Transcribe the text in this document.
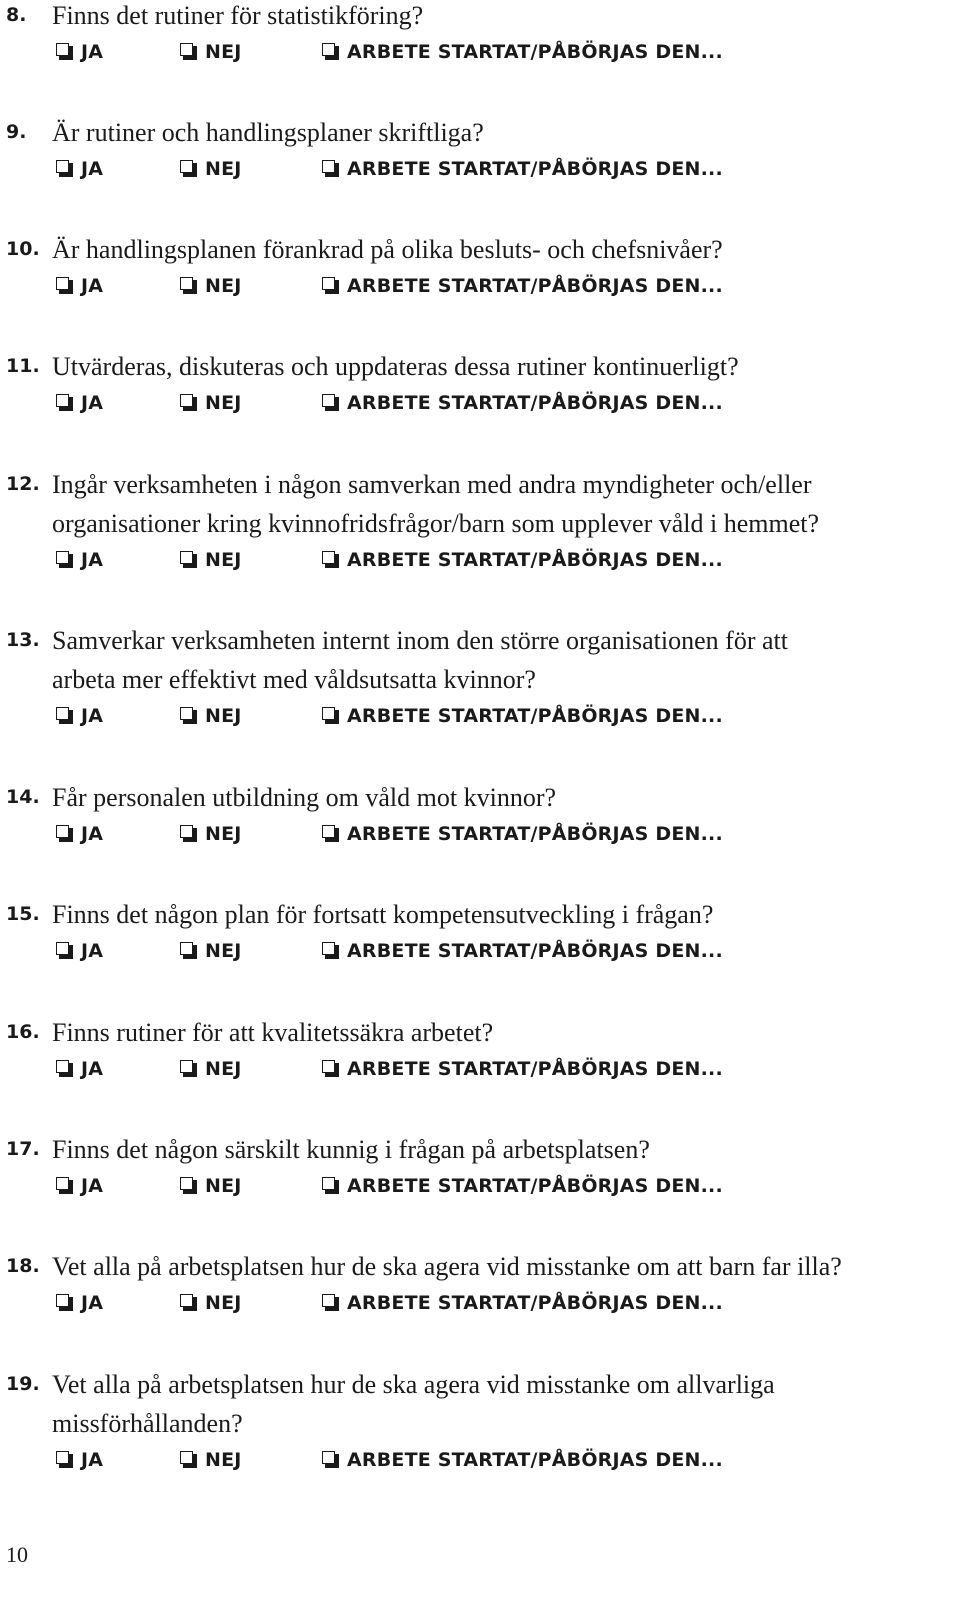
8. Finns det rutiner för statistikföring?
JA	NEJ	ARBETE STARTAT/PÅBÖRJAS DEN...
9. Är rutiner och handlingsplaner skriftliga?
JA	NEJ	ARBETE STARTAT/PÅBÖRJAS DEN...
10. Är handlingsplanen förankrad på olika besluts- och chefsnivåer?
JA	NEJ	ARBETE STARTAT/PÅBÖRJAS DEN...
11. Utvärderas, diskuteras och uppdateras dessa rutiner kontinuerligt?
JA	NEJ	ARBETE STARTAT/PÅBÖRJAS DEN...
12. Ingår verksamheten i någon samverkan med andra myndigheter och/eller
organisationer kring kvinnofridsfrågor/barn som upplever våld i hemmet?
JA	NEJ	ARBETE STARTAT/PÅBÖRJAS DEN...
13. Samverkar verksamheten internt inom den större organisationen för att
arbeta mer effektivt med våldsutsatta kvinnor?
JA	NEJ	ARBETE STARTAT/PÅBÖRJAS DEN...
14. Får personalen utbildning om våld mot kvinnor?
JA	NEJ	ARBETE STARTAT/PÅBÖRJAS DEN...
15. Finns det någon plan för fortsatt kompetensutveckling i frågan?
JA	NEJ	ARBETE STARTAT/PÅBÖRJAS DEN...
16. Finns rutiner för att kvalitetssäkra arbetet?
JA	NEJ	ARBETE STARTAT/PÅBÖRJAS DEN...
17. Finns det någon särskilt kunnig i frågan på arbetsplatsen?
JA	NEJ	ARBETE STARTAT/PÅBÖRJAS DEN...
18. Vet alla på arbetsplatsen hur de ska agera vid misstanke om att barn far illa?
JA	NEJ	ARBETE STARTAT/PÅBÖRJAS DEN...
19. Vet alla på arbetsplatsen hur de ska agera vid misstanke om allvarliga
missförhållanden?
JA	NEJ	ARBETE STARTAT/PÅBÖRJAS DEN...
10
